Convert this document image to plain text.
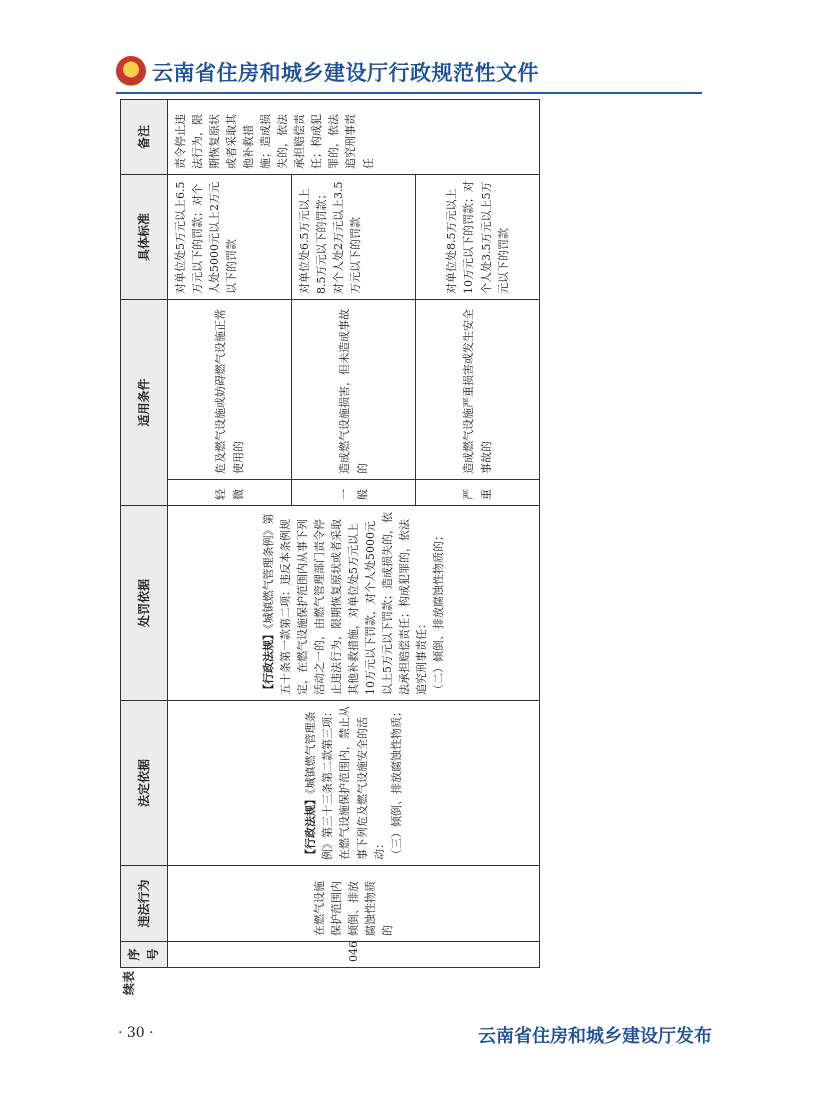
云南省住房和城乡建设厅行政规范性文件
续表
序号	违法行为	法定依据	处罚依据	适用条件		具体标准	备注
046	在燃气设施保护范围内倾倒、排放腐蚀性物质的	【行政法规】《城镇燃气管理条例》第三十三条第二款第三项：在燃气设施保护范围内，禁止从事下列危及燃气设施安全的活动： （三）倾倒、排放腐蚀性物质；	【行政法规】《城镇燃气管理条例》第五十条第一款第二项：违反本条例规定，在燃气设施保护范围内从事下列活动之一的，由燃气管理部门责令停止违法行为，限期恢复原状或者采取其他补救措施，对单位处5万元以上10万元以下罚款，对个人处5000元以上5万元以下罚款；造成损失的，依法承担赔偿责任；构成犯罪的，依法追究刑事责任： （二）倾倒、排放腐蚀性物质的；	轻微	危及燃气设施或妨碍燃气设施正常使用的	对单位处5万元以上6.5万元以下的罚款；对个人处5000元以上2万元以下的罚款	责令停止违法行为，限期恢复原状或者采取其他补救措施；造成损失的，依法承担赔偿责任；构成犯罪的，依法追究刑事责任
				一般	造成燃气设施损害，但未造成事故的	对单位处6.5万元以上8.5万元以下的罚款；对个人处2万元以上3.5万元以下的罚款	
				严重	造成燃气设施严重损害或发生安全事故的	对单位处8.5万元以上10万元以下的罚款；对个人处3.5万元以上5万元以下的罚款	
· 30 ·	云南省住房和城乡建设厅发布
